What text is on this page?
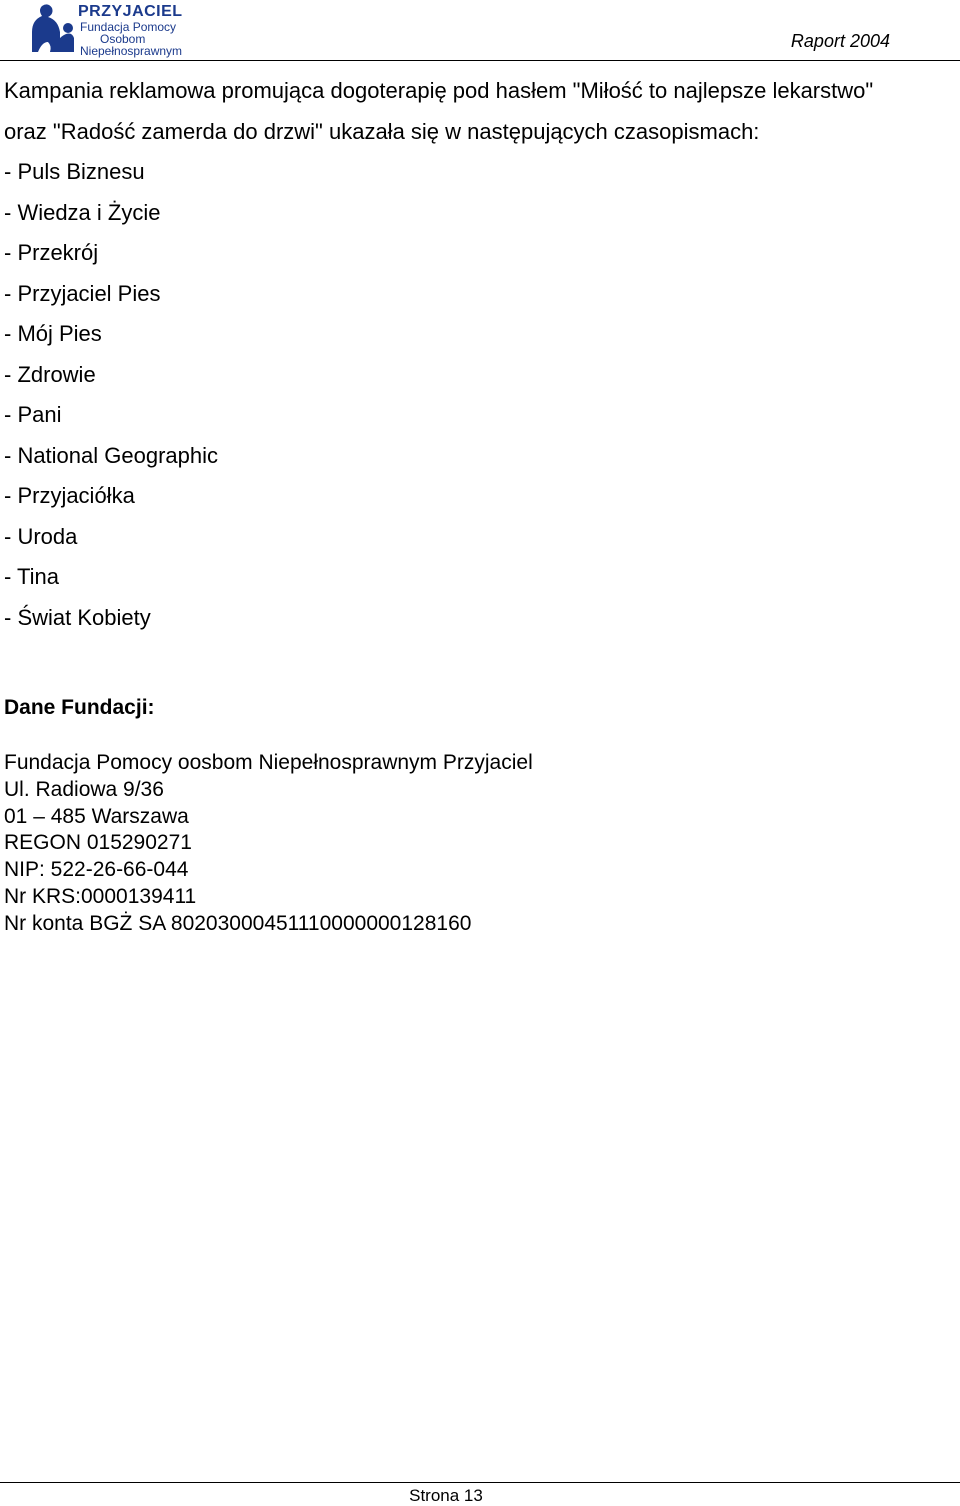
PRZYJACIEL
Fundacja Pomocy
Osobom
Niepełnosprawnym	Raport 2004
Kampania reklamowa promująca dogoterapię pod hasłem "Miłość to najlepsze lekarstwo"
oraz "Radość zamerda do drzwi" ukazała się w następujących czasopismach:
- Puls Biznesu
- Wiedza i Życie
- Przekrój
- Przyjaciel Pies
- Mój Pies
- Zdrowie
- Pani
- National Geographic
- Przyjaciółka
- Uroda
- Tina
- Świat Kobiety
Dane Fundacji:
Fundacja Pomocy oosbom Niepełnosprawnym Przyjaciel
Ul. Radiowa 9/36
01 – 485 Warszawa
REGON 015290271
NIP: 522-26-66-044
Nr KRS:0000139411
Nr konta BGŻ SA 80203000451110000000128160
Strona 13
